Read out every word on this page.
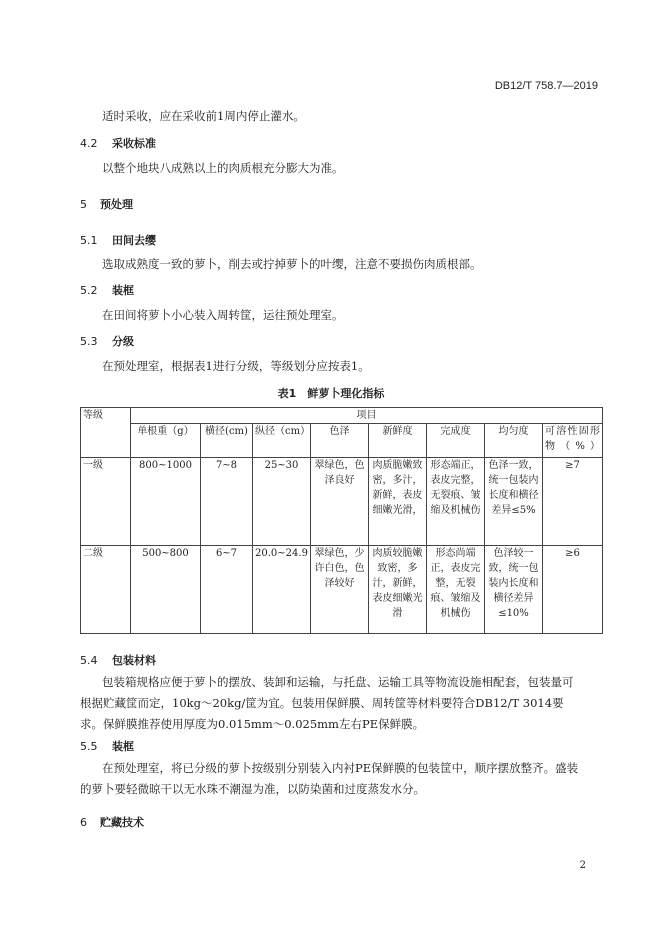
DB12/T 758.7—2019
适时采收，应在采收前1周内停止灌水。
4.2 采收标准
以整个地块八成熟以上的肉质根充分膨大为准。
5 预处理
5.1 田间去缨
选取成熟度一致的萝卜，削去或拧掉萝卜的叶缨，注意不要损伤肉质根部。
5.2 装框
在田间将萝卜小心装入周转筐，运往预处理室。
5.3 分级
在预处理室，根据表1进行分级，等级划分应按表1。
表1　鲜萝卜理化指标
等级	项目							
	单根重（g）	横径(cm)	纵径（cm）	色泽	新鲜度	完成度	均匀度	可溶性固形物（%）
一级	800~1000	7~8	25~30	翠绿色，色泽良好	肉质脆嫩致密，多汁，新鲜，表皮细嫩光滑，	形态端正，表皮完整，无裂痕、皱缩及机械伤	色泽一致，统一包装内长度和横径差异≤5%	≥7
二级	500~800	6~7	20.0~24.9	翠绿色，少许白色，色泽较好	肉质较脆嫩致密，多汁，新鲜，表皮细嫩光滑	形态尚端正，表皮完整，无裂痕、皱缩及机械伤	色泽较一致，统一包装内长度和横径差异 ≤10%	≥6
5.4 包装材料
包装箱规格应便于萝卜的摆放、装卸和运输，与托盘、运输工具等物流设施相配套，包装量可根据贮藏筐而定，10kg～20kg/筐为宜。包装用保鲜膜、周转筐等材料要符合DB12/T 3014要求。保鲜膜推荐使用厚度为0.015mm～0.025mm左右PE保鲜膜。
5.5 装框
在预处理室，将已分级的萝卜按级别分别装入内衬PE保鲜膜的包装筐中，顺序摆放整齐。盛装的萝卜要轻微晾干以无水珠不潮湿为准，以防染菌和过度蒸发水分。
6 贮藏技术
2
